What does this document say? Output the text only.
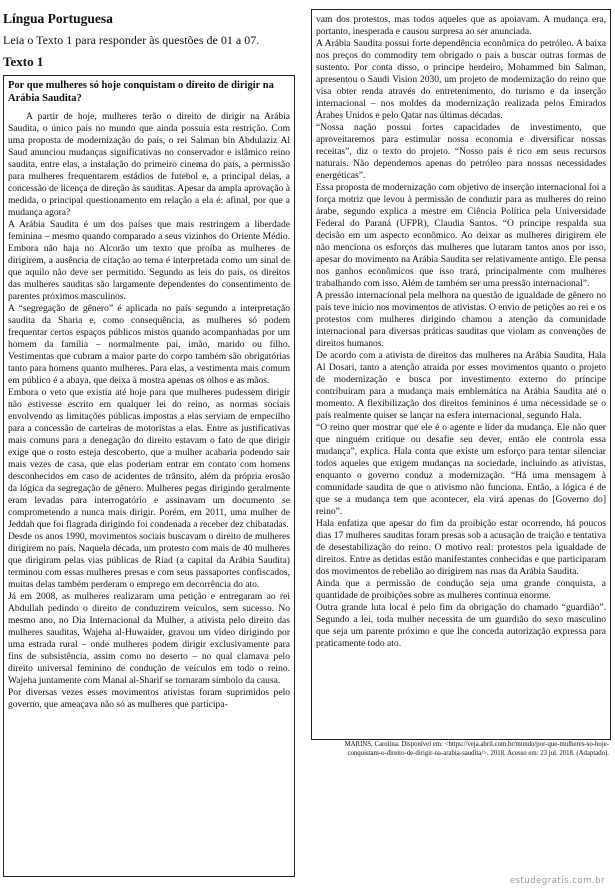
Língua Portuguesa
Leia o Texto 1 para responder às questões de 01 a 07.
Texto 1
Por que mulheres só hoje conquistam o direito de dirigir na Arábia Saudita?

A partir de hoje, mulheres terão o direito de dirigir na Arábia Saudita, o único país no mundo que ainda possuía esta restrição. Com uma proposta de modernização do país, o rei Salman bin Abdulaziz Al Saud anunciou mudanças significativas no conservador e islâmico reino saudita, entre elas, a instalação do primeiro cinema do país, a permissão para mulheres frequentarem estádios de futebol e, a principal delas, a concessão de licença de direção às sauditas. Apesar da ampla aprovação à medida, o principal questionamento em relação a ela é: afinal, por que a mudança agora?

A Arábia Saudita é um dos países que mais restringem a liberdade feminina – mesmo quando comparado a seus vizinhos do Oriente Médio. Embora não haja no Alcorão um texto que proíba as mulheres de dirigirem, a ausência de citação ao tema é interpretada como um sinal de que aquilo não deve ser permitido. Segundo as leis do país, os direitos das mulheres sauditas são largamente dependentes do consentimento de parentes próximos masculinos.

A “segregação de gênero” é aplicada no país segundo a interpretação saudita da Sharia e, como consequência, as mulheres só podem frequentar certos espaços públicos mistos quando acompanhadas por um homem da família – normalmente pai, imão, marido ou filho. Vestimentas que cubram a maior parte do corpo também são obrigatórias tanto para homens quanto mulheres. Para elas, a vestimenta mais comum em público é a abaya, que deixa à mostra apenas os olhos e as mãos.

Embora o veto que existia até hoje para que mulheres pudessem dirigir não estivesse escrito em qualquer lei do reino, as normas sociais envolvendo as limitações públicas impostas a elas serviam de empecilho para a concessão de carteiras de motoristas a elas. Entre as justificativas mais comuns para a denegação do direito estavam o fato de que dirigir exige que o rosto esteja descoberto, que a mulher acabaria podendo sair mais vezes de casa, que elas poderiam entrar em contato com homens desconhecidos em caso de acidentes de trânsito, além da própria erosão da lógica da segregação de gênero. Mulheres pegas dirigindo geralmente eram levadas para interrogatório e assinavam um documento se comprometendo a nunca mais dirigir. Porém, em 2011, uma mulher de Jeddah que foi flagrada dirigindo foi condenada a receber dez chibatadas.

Desde os anos 1990, movimentos sociais buscavam o direito de mulheres dirigirem no país. Naquela década, um protesto com mais de 40 mulheres que dirigiram pelas vias públicas de Riad (a capital da Arábia Saudita) terminou com essas mulheres presas e com seus passaportes confiscados, muitas delas também perderam o emprego em decorrência do ato.

Já em 2008, as mulheres realizaram uma petição e entregaram ao rei Abdullah pedindo o direito de conduzirem veículos, sem sucesso. No mesmo ano, no Dia Internacional da Mulher, a ativista pelo direito das mulheres sauditas, Wajeha al-Huwaider, gravou um vídeo dirigindo por uma estrada rural – onde mulheres podem dirigir exclusivamente para fins de subsistência, assim como no deserto – no qual clamava pelo direito universal feminino de condução de veículos em todo o reino. Wajeha juntamente com Manal al-Sharif se tornaram símbolo da causa.

Por diversas vezes esses movimentos ativistas foram suprimidos pelo governo, que ameaçava não só as mulheres que participa-

vam dos protestos, mas todos aqueles que as apoiavam. A mudança era, portanto, inesperada e causou surpresa ao ser anunciada.

A Arábia Saudita possui forte dependência econômica do petróleo. A baixa nos preços do commodity tem obrigado o país a buscar outras formas de sustento. Por conta disso, o príncipe herdeiro, Mohammed bin Salman, apresentou o Saudi Vision 2030, um projeto de modernização do reino que visa obter renda através do entretenimento, do turismo e da inserção internacional – nos moldes da modernização realizada pelos Emirados Árabes Unidos e pelo Qatar nas últimas décadas.

“Nossa nação possui fortes capacidades de investimento, que aproveitaremos para estimular nossa economia e diversificar nossas receitas”, diz o texto do projeto. “Nosso país é rico em seus recursos naturais. Não dependemos apenas do petróleo para nossas necessidades energéticas”.

Essa proposta de modernização com objetivo de inserção internacional foi a força motriz que levou à permissão de conduzir para as mulheres do reino árabe, segundo explica a mestre em Ciência Política pela Universidade Federal do Paraná (UFPR), Claudia Santos. “O príncipe respalda sua decisão em um aspecto econômico. Ao deixar as mulheres dirigirem ele não menciona os esforços das mulheres que lutaram tantos anos por isso, apesar do movimento na Arábia Saudita ser relativamente antigo. Ele pensa nos ganhos econômicos que isso trará, principalmente com mulheres trabalhando com isso. Além de também ser uma pressão internacional”.

A pressão internacional pela melhora na questão de igualdade de gênero no país teve início nos movimentos de ativistas. O envio de petições ao rei e os protestos com mulheres dirigindo chamou a atenção da comunidade internacional para diversas práticas sauditas que violam as convenções de direitos humanos.

De acordo com a ativista de direitos das mulheres na Arábia Saudita, Hala Al Dosari, tanto a atenção atraída por esses movimentos quanto o projeto de modernização e busca por investimento externo do príncipe contribuíram para a mudança mais emblemática na Arábia Saudita até o momento. A flexibilização dos direitos femininos é uma necessidade se o país realmente quiser se lançar na esfera internacional, segundo Hala.

“O reino quer mostrar que ele é o agente e líder da mudança. Ele não quer que ninguém critique ou desafie seu dever, então ele controla essa mudança”, explica. Hala conta que existe um esforço para tentar silenciar todos aqueles que exigem mudanças na sociedade, incluindo as ativistas, enquanto o governo conduz a modernização. “Há uma mensagem à comunidade saudita de que o ativismo não funciona. Então, a lógica é de que se a mudança tem que acontecer, ela virá apenas do [Governo do] reino”.

Hala enfatiza que apesar do fim da proibição estar ocorrendo, há poucos dias 17 mulheres sauditas foram presas sob a acusação de traição e tentativa de desestabilização do reino. O motivo real: protestos pela igualdade de direitos. Entre as detidas estão manifestantes conhecidas e que participaram dos movimentos de rebelião ao dirigirem nas ruas da Arábia Saudita.

Ainda que a permissão de condução seja uma grande conquista, a quantidade de proibições sobre as mulheres continua enorme.

Outra grande luta local é pelo fim da obrigação do chamado “guardião”. Segundo a lei, toda mulher necessita de um guardião do sexo masculino que seja um parente próximo e que lhe conceda autorização expressa para praticamente todo ato.

MARINS, Carolina. Disponível em: <https://veja.abril.com.br/mundo/por-que-mulheres-so-hoje-conquistam-o-direito-de-dirigir-na-arabia-saudita/>. 2018. Acesso em: 23 jul. 2018. (Adaptado).
estudegratis.com.br
